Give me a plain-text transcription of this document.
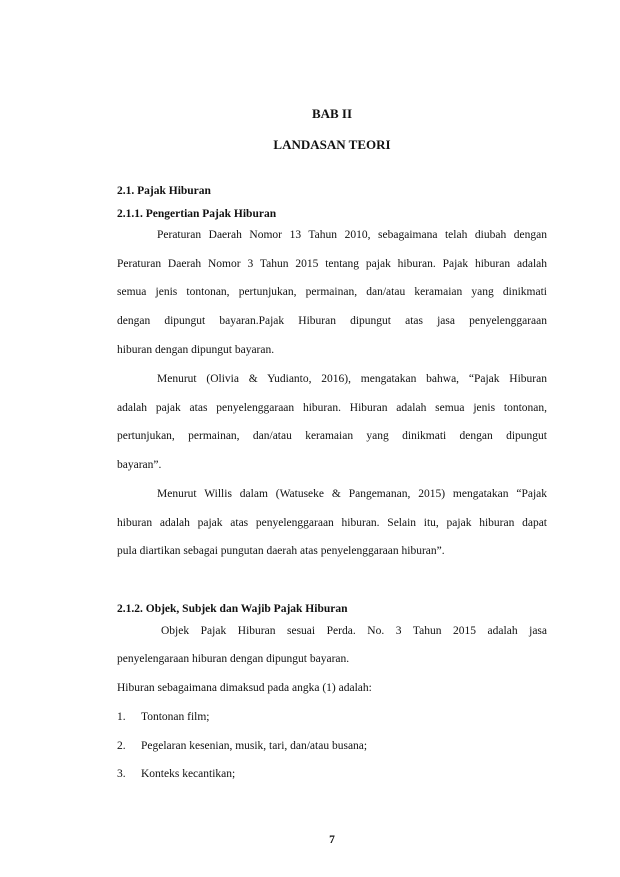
BAB II
LANDASAN TEORI
2.1. Pajak Hiburan
2.1.1. Pengertian Pajak Hiburan
Peraturan Daerah Nomor 13 Tahun 2010, sebagaimana telah diubah dengan
Peraturan Daerah Nomor 3 Tahun 2015 tentang pajak hiburan. Pajak hiburan adalah
semua jenis tontonan, pertunjukan, permainan, dan/atau keramaian yang dinikmati
dengan dipungut bayaran.Pajak Hiburan dipungut atas jasa penyelenggaraan
hiburan dengan dipungut bayaran.
Menurut (Olivia & Yudianto, 2016), mengatakan bahwa, “Pajak Hiburan
adalah pajak atas penyelenggaraan hiburan. Hiburan adalah semua jenis tontonan,
pertunjukan, permainan, dan/atau keramaian yang dinikmati dengan dipungut
bayaran”.
Menurut Willis dalam (Watuseke & Pangemanan, 2015) mengatakan “Pajak
hiburan adalah pajak atas penyelenggaraan hiburan. Selain itu, pajak hiburan dapat
pula diartikan sebagai pungutan daerah atas penyelenggaraan hiburan”.
2.1.2. Objek, Subjek dan Wajib Pajak Hiburan
Objek Pajak Hiburan sesuai Perda. No. 3 Tahun 2015 adalah jasa
penyelengaraan hiburan dengan dipungut bayaran.
Hiburan sebagaimana dimaksud pada angka (1) adalah:
1. Tontonan film;
2. Pegelaran kesenian, musik, tari, dan/atau busana;
3. Konteks kecantikan;
7
